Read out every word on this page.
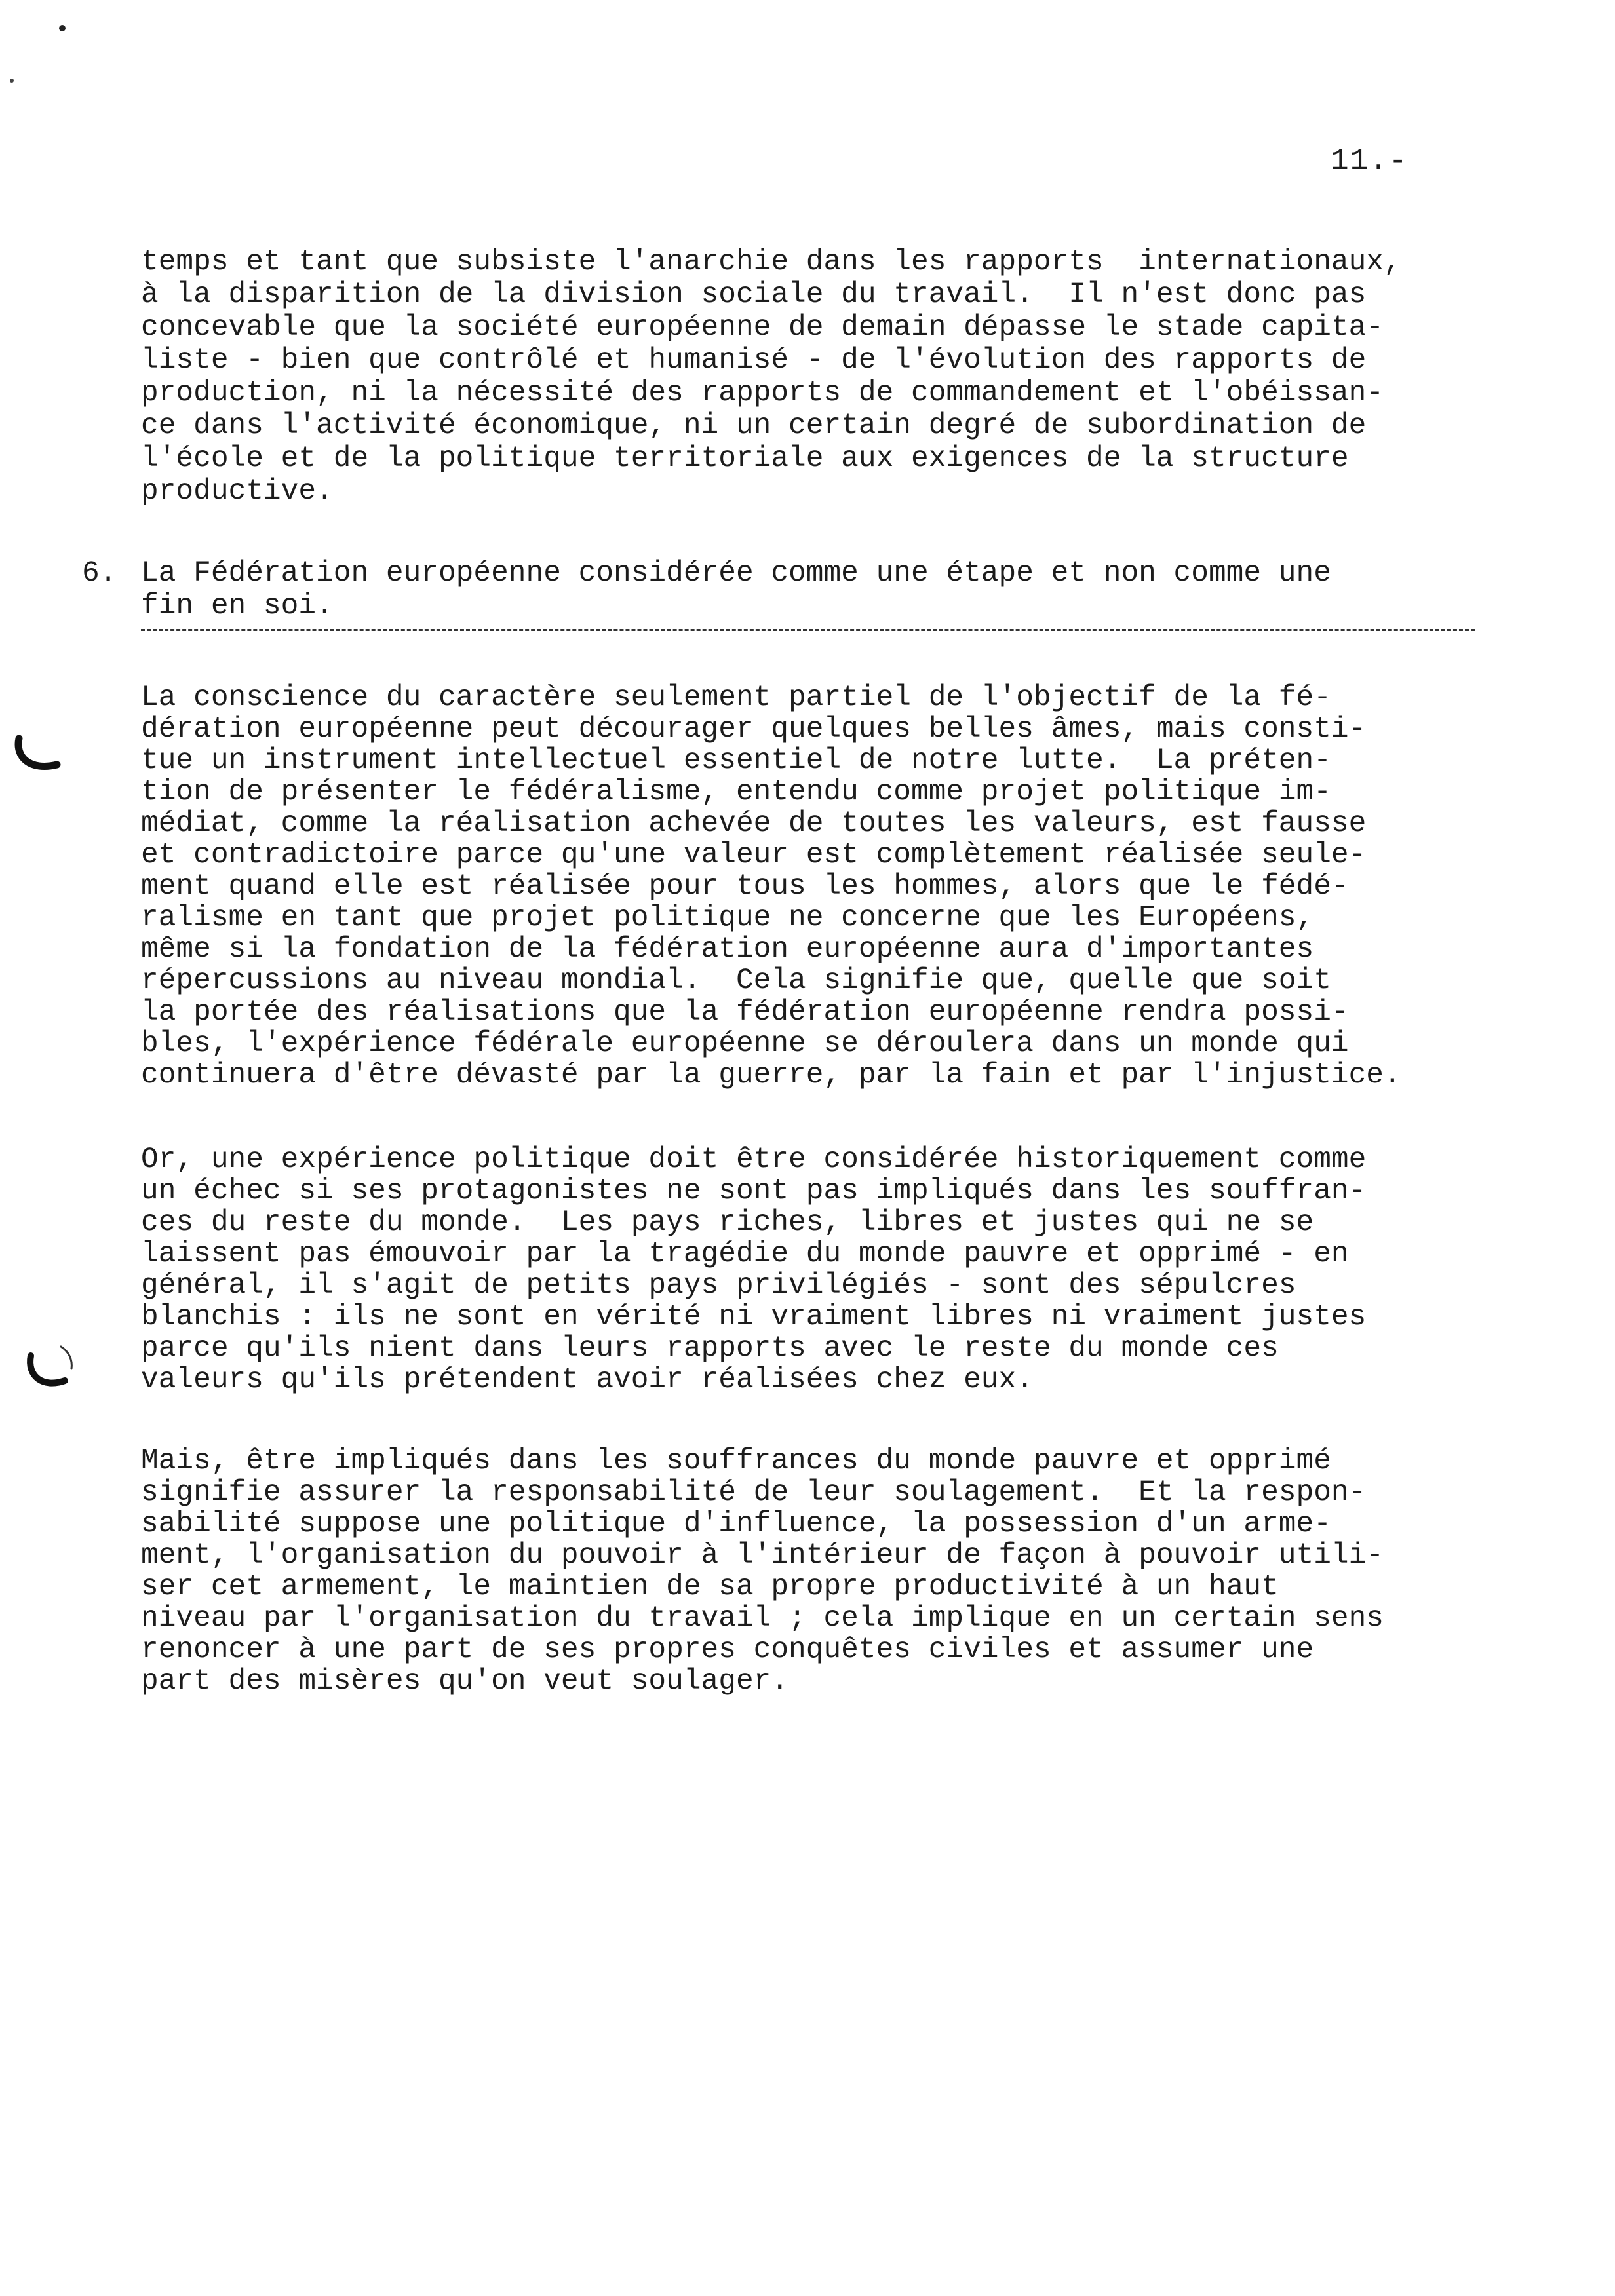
11.-
temps et tant que subsiste l'anarchie dans les rapports  internationaux,
à la disparition de la division sociale du travail.  Il n'est donc pas
concevable que la société européenne de demain dépasse le stade capita-
liste - bien que contrôlé et humanisé - de l'évolution des rapports de
production, ni la nécessité des rapports de commandement et l'obéissan-
ce dans l'activité économique, ni un certain degré de subordination de
l'école et de la politique territoriale aux exigences de la structure
productive.
6. La Fédération européenne considérée comme une étape et non comme une
fin en soi.
La conscience du caractère seulement partiel de l'objectif de la fé-
dération européenne peut décourager quelques belles âmes, mais consti-
tue un instrument intellectuel essentiel de notre lutte.  La préten-
tion de présenter le fédéralisme, entendu comme projet politique im-
médiat, comme la réalisation achevée de toutes les valeurs, est fausse
et contradictoire parce qu'une valeur est complètement réalisée seule-
ment quand elle est réalisée pour tous les hommes, alors que le fédé-
ralisme en tant que projet politique ne concerne que les Européens,
même si la fondation de la fédération européenne aura d'importantes
répercussions au niveau mondial.  Cela signifie que, quelle que soit
la portée des réalisations que la fédération européenne rendra possi-
bles, l'expérience fédérale européenne se déroulera dans un monde qui
continuera d'être dévasté par la guerre, par la fain et par l'injustice.
Or, une expérience politique doit être considérée historiquement comme
un échec si ses protagonistes ne sont pas impliqués dans les souffran-
ces du reste du monde.  Les pays riches, libres et justes qui ne se
laissent pas émouvoir par la tragédie du monde pauvre et opprimé - en
général, il s'agit de petits pays privilégiés - sont des sépulcres
blanchis : ils ne sont en vérité ni vraiment libres ni vraiment justes
parce qu'ils nient dans leurs rapports avec le reste du monde ces
valeurs qu'ils prétendent avoir réalisées chez eux.
Mais, être impliqués dans les souffrances du monde pauvre et opprimé
signifie assurer la responsabilité de leur soulagement.  Et la respon-
sabilité suppose une politique d'influence, la possession d'un arme-
ment, l'organisation du pouvoir à l'intérieur de façon à pouvoir utili-
ser cet armement, le maintien de sa propre productivité à un haut
niveau par l'organisation du travail ; cela implique en un certain sens
renoncer à une part de ses propres conquêtes civiles et assumer une
part des misères qu'on veut soulager.
